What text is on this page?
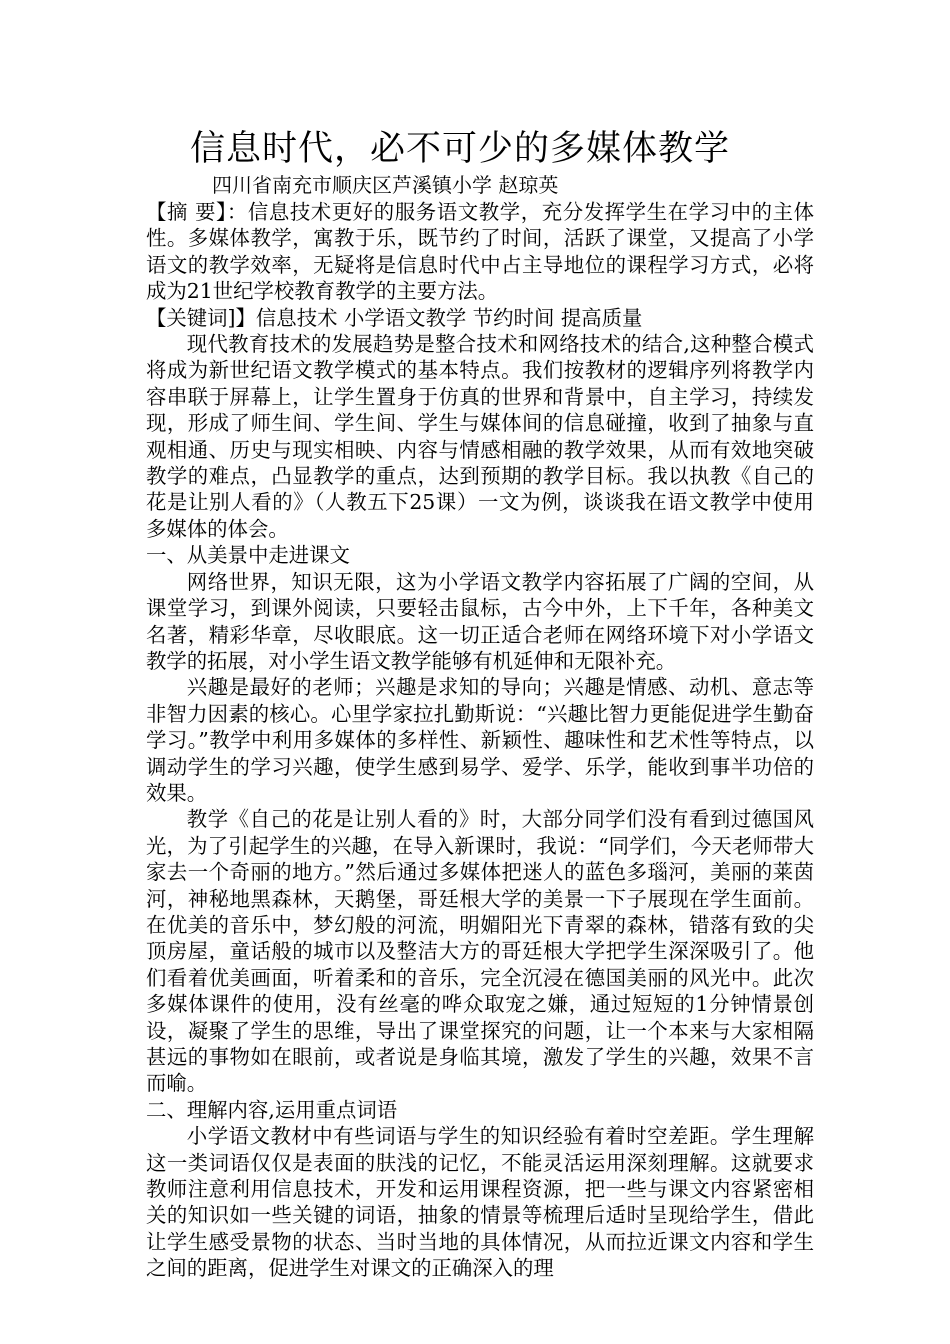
信息时代，必不可少的多媒体教学

四川省南充市顺庆区芦溪镇小学 赵琼英

【摘 要】：信息技术更好的服务语文教学，充分发挥学生在学习中的主体性。多媒体教学，寓教于乐，既节约了时间，活跃了课堂，又提高了小学语文的教学效率，无疑将是信息时代中占主导地位的课程学习方式，必将成为21世纪学校教育教学的主要方法。

【关键词]】信息技术 小学语文教学 节约时间 提高质量

现代教育技术的发展趋势是整合技术和网络技术的结合,这种整合模式将成为新世纪语文教学模式的基本特点。我们按教材的逻辑序列将教学内容串联于屏幕上，让学生置身于仿真的世界和背景中，自主学习，持续发现，形成了师生间、学生间、学生与媒体间的信息碰撞，收到了抽象与直观相通、历史与现实相映、内容与情感相融的教学效果，从而有效地突破教学的难点，凸显教学的重点，达到预期的教学目标。我以执教《自己的花是让别人看的》（人教五下25课）一文为例，谈谈我在语文教学中使用多媒体的体会。

一、从美景中走进课文

网络世界，知识无限，这为小学语文教学内容拓展了广阔的空间，从课堂学习，到课外阅读，只要轻击鼠标，古今中外，上下千年，各种美文名著，精彩华章，尽收眼底。这一切正适合老师在网络环境下对小学语文教学的拓展，对小学生语文教学能够有机延伸和无限补充。

兴趣是最好的老师；兴趣是求知的导向；兴趣是情感、动机、意志等非智力因素的核心。心里学家拉扎勤斯说：“兴趣比智力更能促进学生勤奋学习。”教学中利用多媒体的多样性、新颖性、趣味性和艺术性等特点，以调动学生的学习兴趣，使学生感到易学、爱学、乐学，能收到事半功倍的效果。

教学《自己的花是让别人看的》时，大部分同学们没有看到过德国风光，为了引起学生的兴趣，在导入新课时，我说：“同学们，今天老师带大家去一个奇丽的地方。”然后通过多媒体把迷人的蓝色多瑙河，美丽的莱茵河，神秘地黑森林，天鹅堡，哥廷根大学的美景一下子展现在学生面前。在优美的音乐中，梦幻般的河流，明媚阳光下青翠的森林，错落有致的尖顶房屋，童话般的城市以及整洁大方的哥廷根大学把学生深深吸引了。他们看着优美画面，听着柔和的音乐，完全沉浸在德国美丽的风光中。此次多媒体课件的使用，没有丝毫的哗众取宠之嫌，通过短短的1分钟情景创设，凝聚了学生的思维，导出了课堂探究的问题，让一个本来与大家相隔甚远的事物如在眼前，或者说是身临其境，激发了学生的兴趣，效果不言而喻。

二、理解内容,运用重点词语

小学语文教材中有些词语与学生的知识经验有着时空差距。学生理解这一类词语仅仅是表面的肤浅的记忆，不能灵活运用深刻理解。这就要求教师注意利用信息技术，开发和运用课程资源，把一些与课文内容紧密相关的知识如一些关键的词语，抽象的情景等梳理后适时呈现给学生，借此让学生感受景物的状态、当时当地的具体情况，从而拉近课文内容和学生之间的距离，促进学生对课文的正确深入的理
